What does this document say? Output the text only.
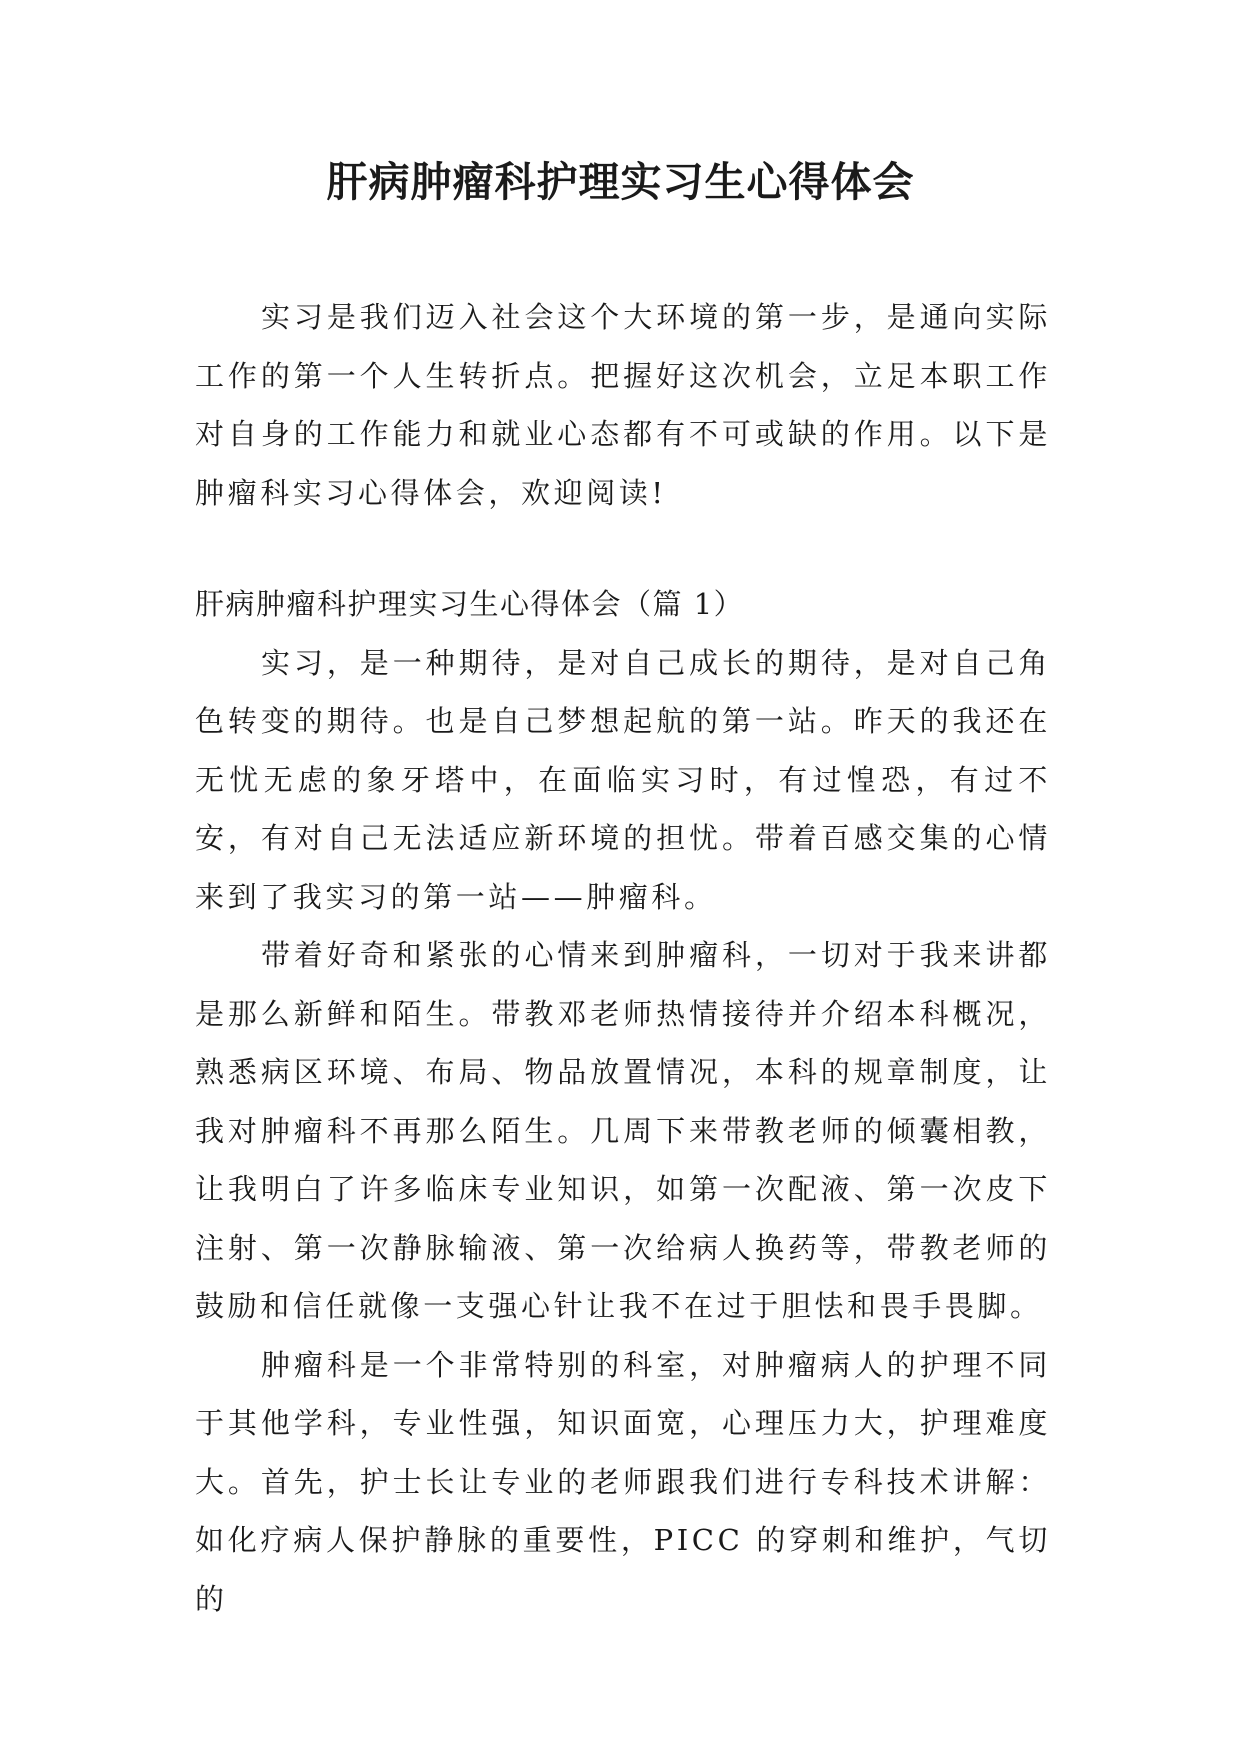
肝病肿瘤科护理实习生心得体会

实习是我们迈入社会这个大环境的第一步，是通向实际工作的第一个人生转折点。把握好这次机会，立足本职工作对自身的工作能力和就业心态都有不可或缺的作用。以下是肿瘤科实习心得体会，欢迎阅读!

肝病肿瘤科护理实习生心得体会（篇 1）

实习，是一种期待，是对自己成长的期待，是对自己角色转变的期待。也是自己梦想起航的第一站。昨天的我还在无忧无虑的象牙塔中，在面临实习时，有过惶恐，有过不安，有对自己无法适应新环境的担忧。带着百感交集的心情来到了我实习的第一站——肿瘤科。

带着好奇和紧张的心情来到肿瘤科，一切对于我来讲都是那么新鲜和陌生。带教邓老师热情接待并介绍本科概况，熟悉病区环境、布局、物品放置情况，本科的规章制度，让我对肿瘤科不再那么陌生。几周下来带教老师的倾囊相教，让我明白了许多临床专业知识，如第一次配液、第一次皮下注射、第一次静脉输液、第一次给病人换药等，带教老师的鼓励和信任就像一支强心针让我不在过于胆怯和畏手畏脚。

肿瘤科是一个非常特别的科室，对肿瘤病人的护理不同于其他学科，专业性强，知识面宽，心理压力大，护理难度大。首先，护士长让专业的老师跟我们进行专科技术讲解：如化疗病人保护静脉的重要性，PICC 的穿刺和维护，气切的
